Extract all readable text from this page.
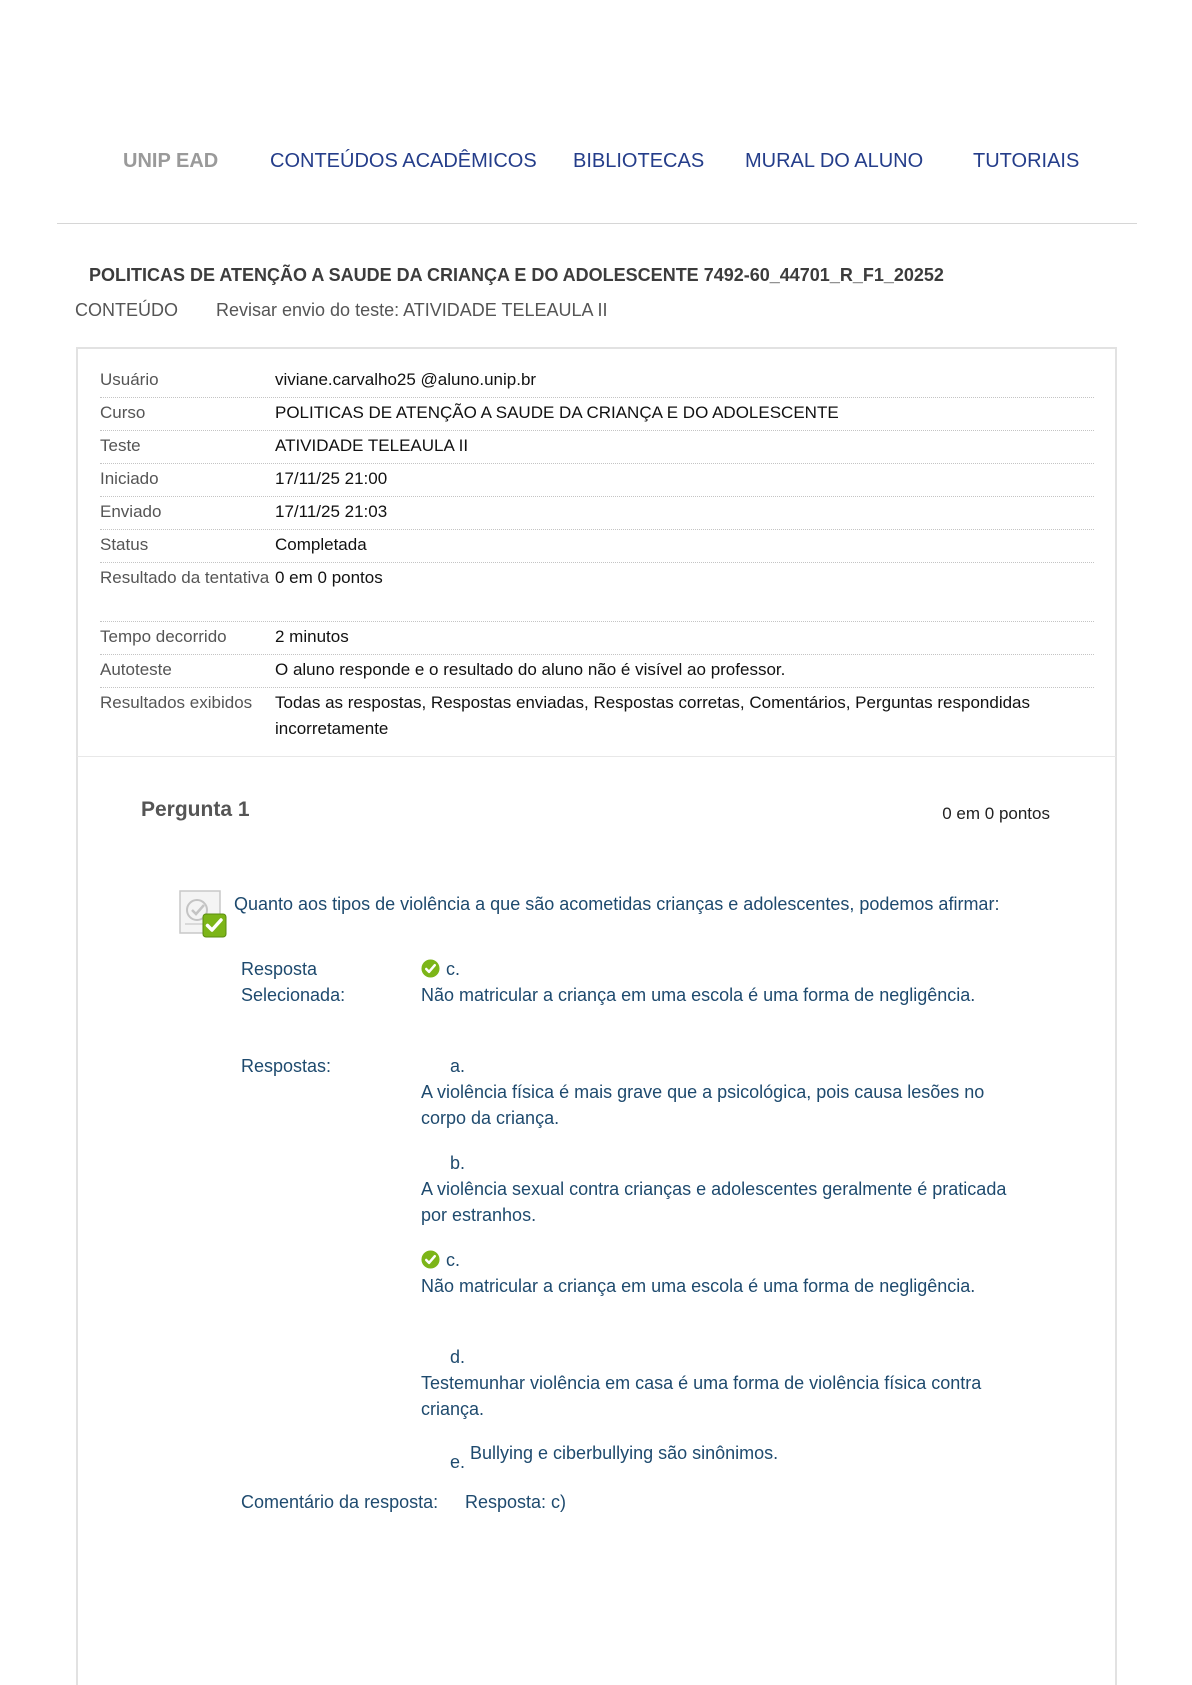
UNIP EAD	CONTEÚDOS ACADÊMICOS BIBLIOTECAS MURAL DO ALUNO TUTORIAIS
POLITICAS DE ATENÇÃO A SAUDE DA CRIANÇA E DO ADOLESCENTE 7492-60_44701_R_F1_20252
CONTEÚDO Revisar envio do teste: ATIVIDADE TELEAULA II
Usuário	viviane.carvalho25 @aluno.unip.br
Curso	POLITICAS DE ATENÇÃO A SAUDE DA CRIANÇA E DO ADOLESCENTE
Teste	ATIVIDADE TELEAULA II
Iniciado	17/11/25 21:00
Enviado	17/11/25 21:03
Status	Completada
Resultado da tentativa 0 em 0 pontos
Tempo decorrido	2 minutos
Autoteste	O aluno responde e o resultado do aluno não é visível ao professor.
Resultados exibidos	Todas as respostas, Respostas enviadas, Respostas corretas, Comentários, Perguntas respondidas incorretamente
Pergunta 1	0 em 0 pontos
Quanto aos tipos de violência a que são acometidas crianças e adolescentes, podemos afirmar:
Resposta Selecionada:
c.
Não matricular a criança em uma escola é uma forma de negligência.
Respostas:	a.
A violência física é mais grave que a psicológica, pois causa lesões no corpo da criança.
b.
A violência sexual contra crianças e adolescentes geralmente é praticada por estranhos.
c.
Não matricular a criança em uma escola é uma forma de negligência.
d.
Testemunhar violência em casa é uma forma de violência física contra criança.
e. Bullying e ciberbullying são sinônimos.
Comentário da resposta: Resposta: c)
